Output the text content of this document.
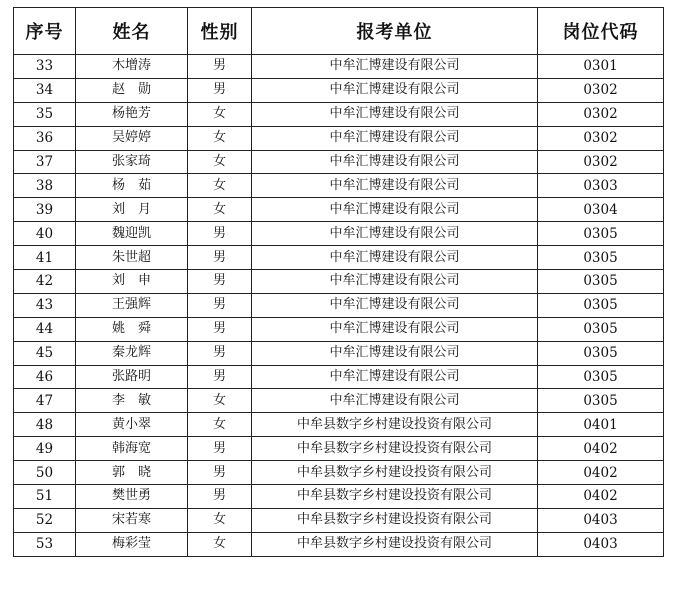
序号	姓名	性别	报考单位	岗位代码
33	木增涛	男	中牟汇博建设有限公司	0301
34	赵　勋	男	中牟汇博建设有限公司	0302
35	杨艳芳	女	中牟汇博建设有限公司	0302
36	吴婷婷	女	中牟汇博建设有限公司	0302
37	张家琦	女	中牟汇博建设有限公司	0302
38	杨　茹	女	中牟汇博建设有限公司	0303
39	刘　月	女	中牟汇博建设有限公司	0304
40	魏迎凯	男	中牟汇博建设有限公司	0305
41	朱世超	男	中牟汇博建设有限公司	0305
42	刘　申	男	中牟汇博建设有限公司	0305
43	王强辉	男	中牟汇博建设有限公司	0305
44	姚　舜	男	中牟汇博建设有限公司	0305
45	秦龙辉	男	中牟汇博建设有限公司	0305
46	张路明	男	中牟汇博建设有限公司	0305
47	李　敏	女	中牟汇博建设有限公司	0305
48	黄小翠	女	中牟县数字乡村建设投资有限公司	0401
49	韩海宽	男	中牟县数字乡村建设投资有限公司	0402
50	郭　晓	男	中牟县数字乡村建设投资有限公司	0402
51	樊世勇	男	中牟县数字乡村建设投资有限公司	0402
52	宋若寒	女	中牟县数字乡村建设投资有限公司	0403
53	梅彩莹	女	中牟县数字乡村建设投资有限公司	0403
